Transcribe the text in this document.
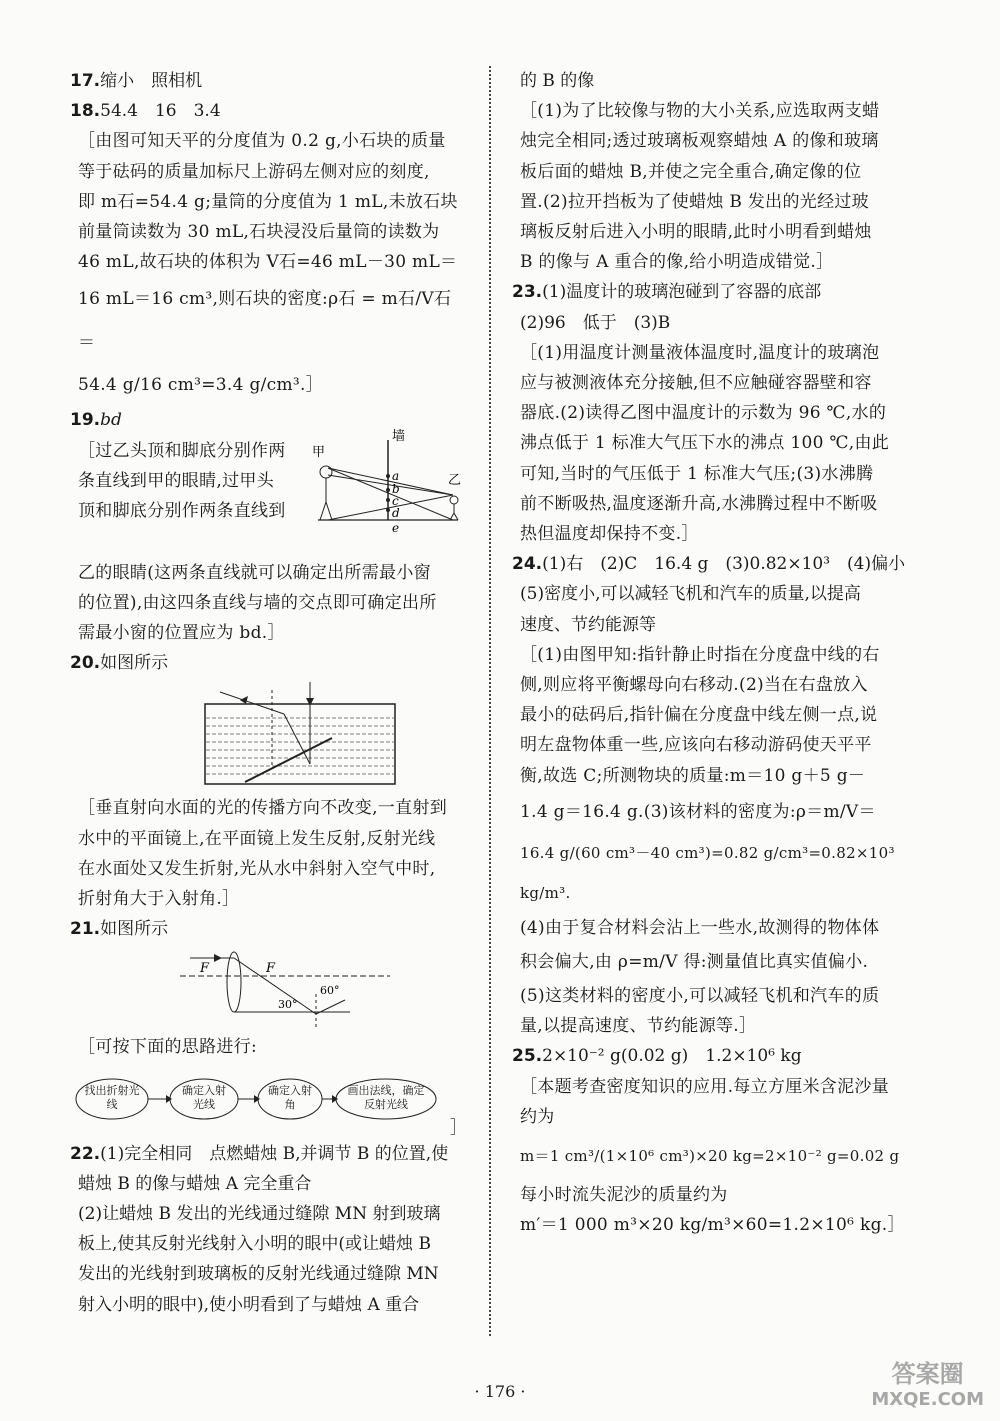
17.缩小　照相机

18.54.4　16　3.4

［由图可知天平的分度值为 0.2 g,小石块的质量

等于砝码的质量加标尺上游码左侧对应的刻度,

即 m石=54.4 g;量筒的分度值为 1 mL,未放石块

前量筒读数为 30 mL,石块浸没后量筒的读数为

46 mL,故石块的体积为 V石=46 mL－30 mL＝

16 mL＝16 cm³,则石块的密度:ρ石 = m石/V石 ＝

54.4 g/16 cm³=3.4 g/cm³.］

19.bd

［过乙头顶和脚底分别作两

条直线到甲的眼睛,过甲头

顶和脚底分别作两条直线到

墙
甲
乙
a
b
c
d
e

乙的眼睛(这两条直线就可以确定出所需最小窗

的位置),由这四条直线与墙的交点即可确定出所

需最小窗的位置应为 bd.］

20.如图所示

［垂直射向水面的光的传播方向不改变,一直射到

水中的平面镜上,在平面镜上发生反射,反射光线

在水面处又发生折射,光从水中斜射入空气中时,

折射角大于入射角.］

21.如图所示

F	F
30°
60°

［可按下面的思路进行:

找出折射光线
确定入射光线
确定入射角
画出法线，确定反射光线
］

22.(1)完全相同　点燃蜡烛 B,并调节 B 的位置,使

蜡烛 B 的像与蜡烛 A 完全重合

(2)让蜡烛 B 发出的光线通过缝隙 MN 射到玻璃

板上,使其反射光线射入小明的眼中(或让蜡烛 B

发出的光线射到玻璃板的反射光线通过缝隙 MN

射入小明的眼中),使小明看到了与蜡烛 A 重合

的 B 的像

［(1)为了比较像与物的大小关系,应选取两支蜡

烛完全相同;透过玻璃板观察蜡烛 A 的像和玻璃

板后面的蜡烛 B,并使之完全重合,确定像的位

置.(2)拉开挡板为了使蜡烛 B 发出的光经过玻

璃板反射后进入小明的眼睛,此时小明看到蜡烛

B 的像与 A 重合的像,给小明造成错觉.］

23.(1)温度计的玻璃泡碰到了容器的底部

(2)96　低于　(3)B

［(1)用温度计测量液体温度时,温度计的玻璃泡

应与被测液体充分接触,但不应触碰容器壁和容

器底.(2)读得乙图中温度计的示数为 96 ℃,水的

沸点低于 1 标准大气压下水的沸点 100 ℃,由此

可知,当时的气压低于 1 标准大气压;(3)水沸腾

前不断吸热,温度逐渐升高,水沸腾过程中不断吸

热但温度却保持不变.］

24.(1)右　(2)C　16.4 g　(3)0.82×10³　(4)偏小

(5)密度小,可以减轻飞机和汽车的质量,以提高

速度、节约能源等

［(1)由图甲知:指针静止时指在分度盘中线的右

侧,则应将平衡螺母向右移动.(2)当在右盘放入

最小的砝码后,指针偏在分度盘中线左侧一点,说

明左盘物体重一些,应该向右移动游码使天平平

衡,故选 C;所测物块的质量:m＝10 g＋5 g－

1.4 g＝16.4 g.(3)该材料的密度为:ρ＝m/V＝

16.4 g/(60 cm³－40 cm³)=0.82 g/cm³=0.82×10³ kg/m³.

(4)由于复合材料会沾上一些水,故测得的物体体

积会偏大,由 ρ=m/V 得:测量值比真实值偏小.

(5)这类材料的密度小,可以减轻飞机和汽车的质

量,以提高速度、节约能源等.］

25.2×10⁻² g(0.02 g)　1.2×10⁶ kg

［本题考查密度知识的应用.每立方厘米含泥沙量

约为

m＝1 cm³/(1×10⁶ cm³)×20 kg=2×10⁻² g=0.02 g

每小时流失泥沙的质量约为

m′＝1 000 m³×20 kg/m³×60=1.2×10⁶ kg.］

· 176 ·
答案圈
MXQE.COM
